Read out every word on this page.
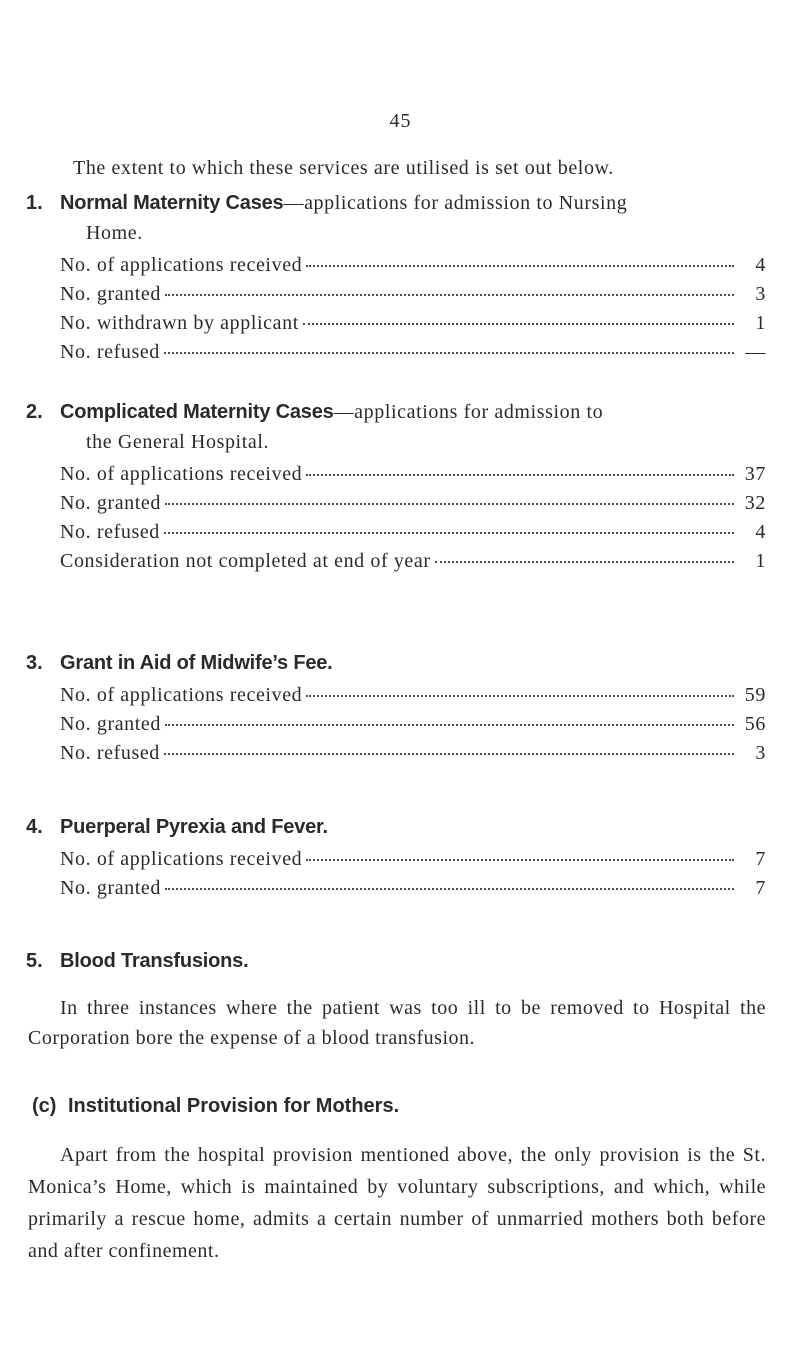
45
The extent to which these services are utilised is set out below.
1. Normal Maternity Cases—applications for admission to Nursing
Home.
No. of applications received	4
No. granted	3
No. withdrawn by applicant	1
No. refused	—
2. Complicated Maternity Cases—applications for admission to
the General Hospital.
No. of applications received	37
No. granted	32
No. refused	4
Consideration not completed at end of year	1
3. Grant in Aid of Midwife’s Fee.
No. of applications received	59
No. granted	56
No. refused	3
4. Puerperal Pyrexia and Fever.
No. of applications received	7
No. granted	7
5. Blood Transfusions.
In three instances where the patient was too ill to be removed to Hospital the Corporation bore the expense of a blood transfusion.
(c) Institutional Provision for Mothers.
Apart from the hospital provision mentioned above, the only provision is the St. Monica’s Home, which is maintained by voluntary subscriptions, and which, while primarily a rescue home, admits a certain number of unmarried mothers both before and after confinement.
